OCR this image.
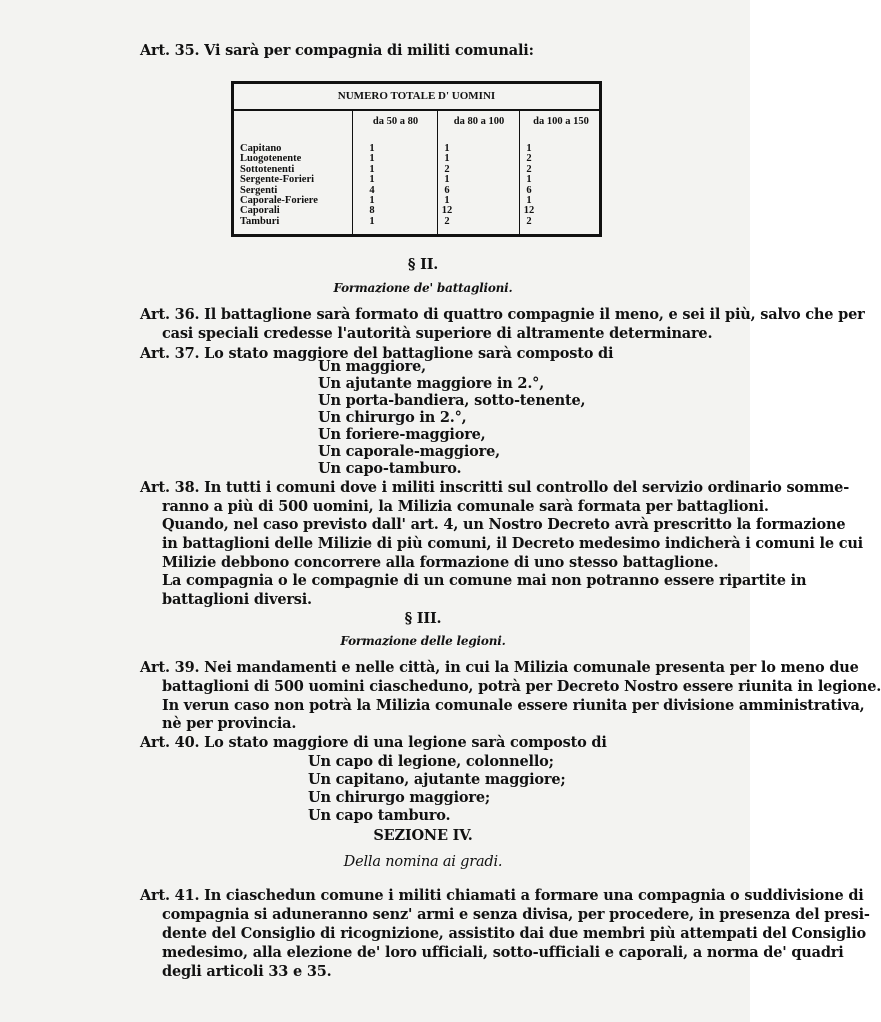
Art. 35. Vi sarà per compagnia di militi comunali:
NUMERO TOTALE D' UOMINI
da 50 a 80	da 80 a 100	da 100 a 150
Capitano	1	1	1
Luogotenente	1	1	2
Sottotenenti	1	2	2
Sergente-Forieri	1	1	1
Sergenti	4	6	6
Caporale-Foriere	1	1	1
Caporali	8	12	12
Tamburi	1	2	2
§ II.
Formazione de' battaglioni.
Art. 36. Il battaglione sarà formato di quattro compagnie il meno, e sei il più, salvo che per
casi speciali credesse l'autorità superiore di altramente determinare.
Art. 37. Lo stato maggiore del battaglione sarà composto di
§ III.
Formazione delle legioni.
SEZIONE IV.
Della nomina ai gradi.
Un maggiore,
Un ajutante maggiore in 2.°,
Un porta-bandiera, sotto-tenente,
Un chirurgo in 2.°,
Un foriere-maggiore,
Un caporale-maggiore,
Un capo-tamburo.
Art. 38. In tutti i comuni dove i militi inscritti sul controllo del servizio ordinario somme-
ranno a più di 500 uomini, la Milizia comunale sarà formata per battaglioni.
Quando, nel caso previsto dall' art. 4, un Nostro Decreto avrà prescritto la formazione
in battaglioni delle Milizie di più comuni, il Decreto medesimo indicherà i comuni le cui
Milizie debbono concorrere alla formazione di uno stesso battaglione.
La compagnia o le compagnie di un comune mai non potranno essere ripartite in
battaglioni diversi.
Art. 39. Nei mandamenti e nelle città, in cui la Milizia comunale presenta per lo meno due
battaglioni di 500 uomini ciascheduno, potrà per Decreto Nostro essere riunita in legione.
In verun caso non potrà la Milizia comunale essere riunita per divisione amministrativa,
nè per provincia.
Art. 40. Lo stato maggiore di una legione sarà composto di
Un capo di legione, colonnello;
Un capitano, ajutante maggiore;
Un chirurgo maggiore;
Un capo tamburo.
Art. 41. In ciaschedun comune i militi chiamati a formare una compagnia o suddivisione di
compagnia si aduneranno senz' armi e senza divisa, per procedere, in presenza del presi-
dente del Consiglio di ricognizione, assistito dai due membri più attempati del Consiglio
medesimo, alla elezione de' loro ufficiali, sotto-ufficiali e caporali, a norma de' quadri
degli articoli 33 e 35.
